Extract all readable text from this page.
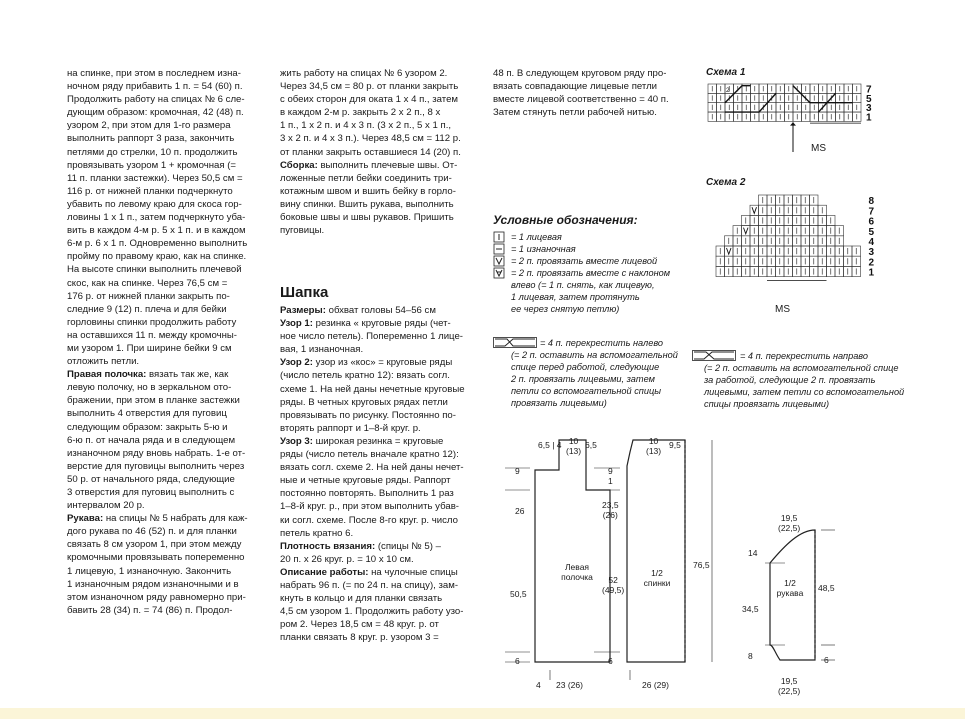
на спинке, при этом в последнем изна-

ночном ряду прибавить 1 п. = 54 (60) п.

Продолжить работу на спицах № 6 сле-

дующим образом: кромочная, 42 (48) п.

узором 2, при этом для 1-го размера

выполнить раппорт 3 раза, закончить

петлями до стрелки, 10 п. продолжить

провязывать узором 1 + кромочная (=

11 п. планки застежки). Через 50,5 см =

116 р. от нижней планки подчеркнуто

убавить по левому краю для скоса гор-

ловины 1 х 1 п., затем подчеркнуто уба-

вить в каждом 4-м р. 5 х 1 п. и в каждом

6-м р. 6 х 1 п. Одновременно выполнить

пройму по правому краю, как на спинке.

На высоте спинки выполнить плечевой

скос, как на спинке. Через 76,5 см =

176 р. от нижней планки закрыть по-

следние 9 (12) п. плеча и для бейки

горловины спинки продолжить работу

на оставшихся 11 п. между кромочны-

ми узором 1. При ширине бейки 9 см

отложить петли.

Правая полочка: вязать так же, как

левую полочку, но в зеркальном ото-

бражении, при этом в планке застежки

выполнить 4 отверстия для пуговиц

следующим образом: закрыть 5-ю и

6-ю п. от начала ряда и в следующем

изнаночном ряду вновь набрать. 1-е от-

верстие для пуговицы выполнить через

50 р. от начального ряда, следующие

3 отверстия для пуговиц выполнить с

интервалом 20 р.

Рукава: на спицы № 5 набрать для каж-

дого рукава по 46 (52) п. и для планки

связать 8 см узором 1, при этом между

кромочными провязывать попеременно

1 лицевую, 1 изнаночную. Закончить

1 изнаночным рядом изнаночными и в

этом изнаночном ряду равномерно при-

бавить 28 (34) п. = 74 (86) п. Продол-

жить работу на спицах № 6 узором 2.

Через 34,5 см = 80 р. от планки закрыть

с обеих сторон для оката 1 х 4 п., затем

в каждом 2-м р. закрыть 2 х 2 п., 8 х

1 п., 1 х 2 п. и 4 х 3 п. (3 х 2 п., 5 х 1 п.,

3 х 2 п. и 4 х 3 п.). Через 48,5 см = 112 р.

от планки закрыть оставшиеся 14 (20) п.

Сборка: выполнить плечевые швы. От-

ложенные петли бейки соединить три-

котажным швом и вшить бейку в горло-

вину спинки. Вшить рукава, выполнить

боковые швы и швы рукавов. Пришить

пуговицы.

Шапка

Размеры: обхват головы 54–56 см

Узор 1: резинка « круговые ряды (чет-

ное число петель). Попеременно 1 лице-

вая, 1 изнаночная.

Узор 2: узор из «кос» = круговые ряды

(число петель кратно 12): вязать согл.

схеме 1. На ней даны нечетные круговые

ряды. В четных круговых рядах петли

провязывать по рисунку. Постоянно по-

вторять раппорт и 1–8-й круг. р.

Узор 3: широкая резинка = круговые

ряды (число петель вначале кратно 12):

вязать согл. схеме 2. На ней даны нечет-

ные и четные круговые ряды. Раппорт

постоянно повторять. Выполнить 1 раз

1–8-й круг. р., при этом выполнить убав-

ки согл. схеме. После 8-го круг. р. число

петель кратно 6.

Плотность вязания: (спицы № 5) –

20 п. x 26 круг. р. = 10 x 10 см.

Описание работы: на чулочные спицы

набрать 96 п. (= по 24 п. на спицу), зам-

кнуть в кольцо и для планки связать

4,5 см узором 1. Продолжить работу узо-

ром 2. Через 18,5 см = 48 круг. р. от

планки связать 8 круг. р. узором 3 =

48 п. В следующем круговом ряду про-

вязать совпадающие лицевые петли

вместе лицевой соответственно = 40 п.

Затем стянуть петли рабочей нитью.

Условные обозначения:
= 1 лицевая
= 1 изнаночная
= 2 п. провязать вместе лицевой
= 2 п. провязать вместе с наклоном
влево (= 1 п. снять, как лицевую,
1 лицевая, затем протянуть
ее через снятую петлю)
= 4 п. перекрестить налево
(= 2 п. оставить на вспомогательной
спице перед работой, следующие
2 п. провязать лицевыми, затем
петли со вспомогательной спицы
провязать лицевыми)
= 4 п. перекрестить направо
(= 2 п. оставить на вспомогательной спице
за работой, следующие 2 п. провязать
лицевыми, затем петли со вспомогательной
спицы провязать лицевыми)
Схема 1
7
5
3
1
2
MS
Схема 2
8
7
6
5
4
3
2
1
MS
6,5 | 4 10
(13)
6,5	10
(13)
9,5
9
26
50,5
6
9
1
23,5
(26)
52
(49,5)
6
76,5
Левая
полочка	1/2
спинки
4 23 (26)	26 (29)
19,5
(22,5)
14
34,5
8
48,5
6
1/2
рукава
19,5
(22,5)
